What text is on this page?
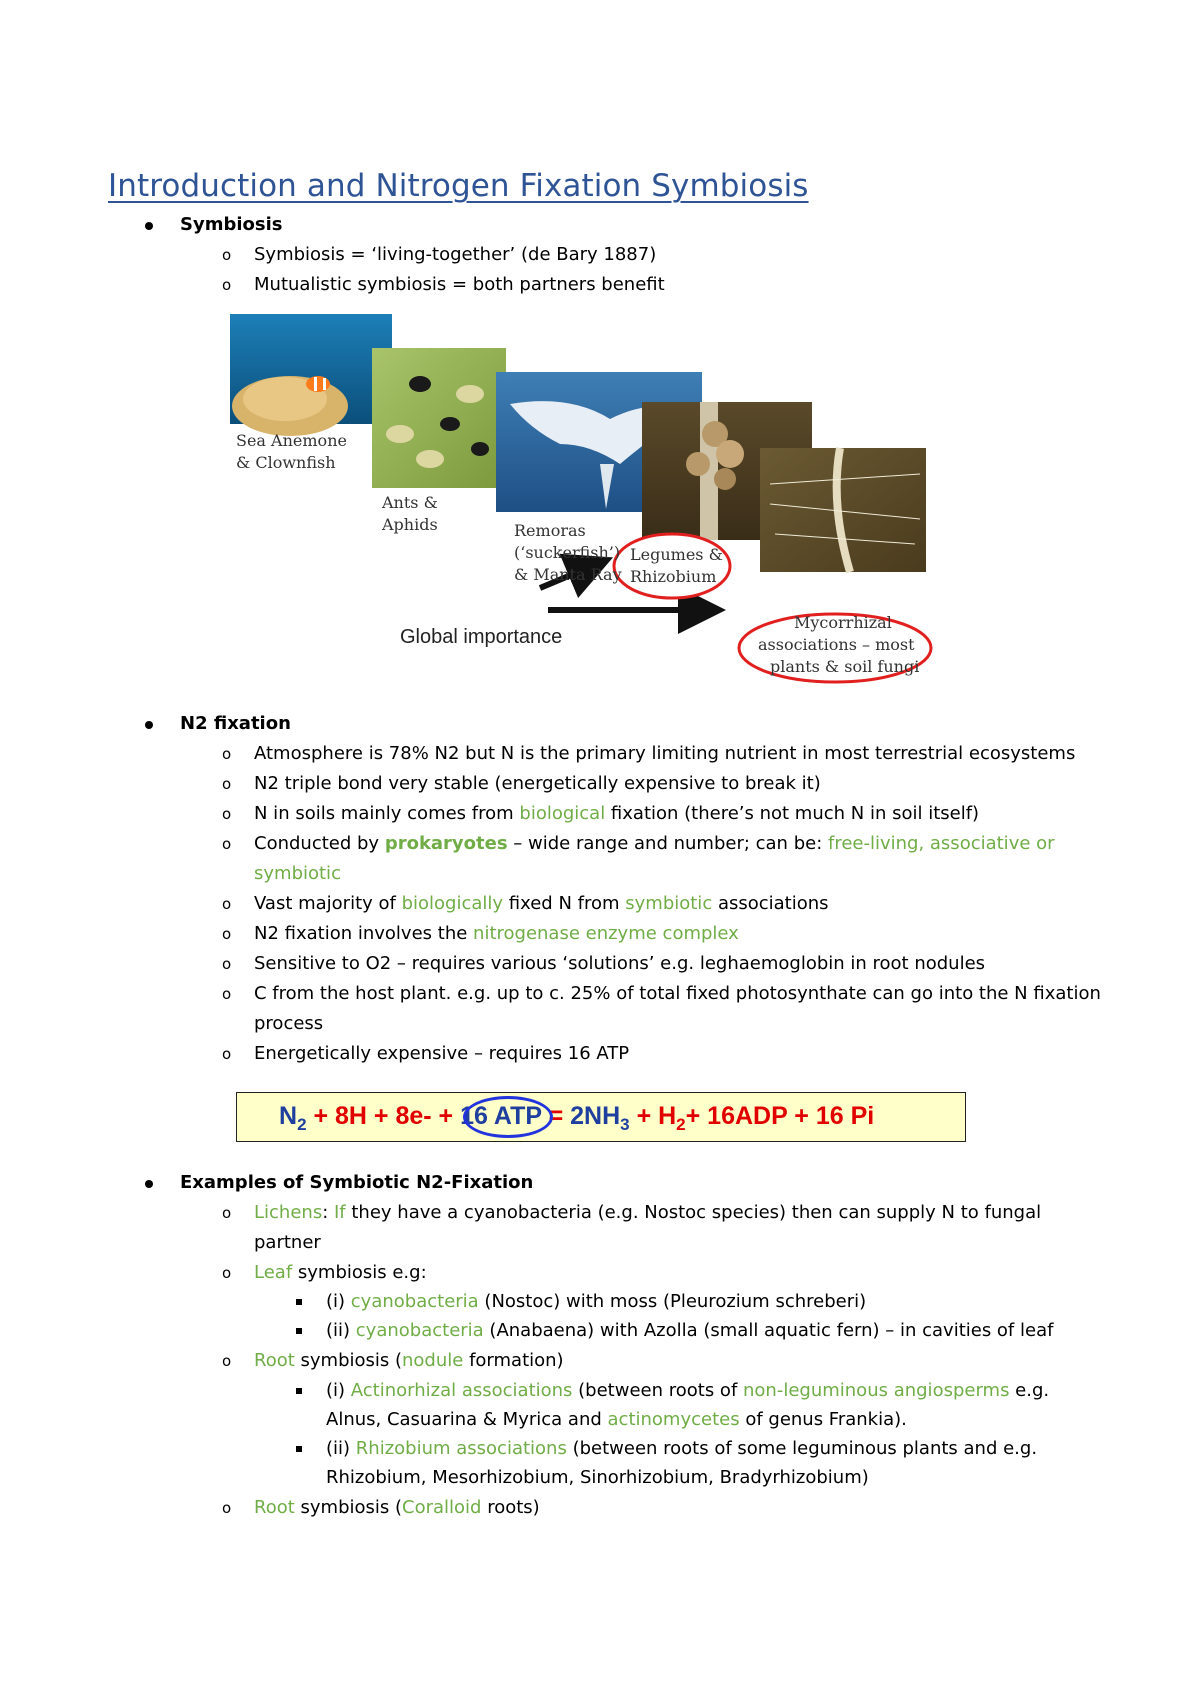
Introduction and Nitrogen Fixation Symbiosis
Symbiosis
o Symbiosis = ‘living-together’ (de Bary 1887)
o Mutualistic symbiosis = both partners benefit
Sea Anemone
& Clownfish
Ants &
Aphids	Remoras
(‘suckerfish’)
& Manta Ray
Legumes &
Rhizobium
Mycorrhizal
associations – most
plants & soil fungi
Global importance
N2 fixation
o Atmosphere is 78% N2 but N is the primary limiting nutrient in most terrestrial ecosystems
o N2 triple bond very stable (energetically expensive to break it)
o N in soils mainly comes from biological fixation (there’s not much N in soil itself)
o Conducted by prokaryotes – wide range and number; can be: free-living, associative or
symbiotic
o Vast majority of biologically fixed N from symbiotic associations
o N2 fixation involves the nitrogenase enzyme complex
o Sensitive to O2 – requires various ‘solutions’ e.g. leghaemoglobin in root nodules
o C from the host plant. e.g. up to c. 25% of total fixed photosynthate can go into the N fixation
process
o Energetically expensive – requires 16 ATP
$N_2 + 8H + 8e- + 16$ ATP = $2NH_3 + H_2+ 16ADP + 16$ Pi
Examples of Symbiotic N2-Fixation
o Lichens: If they have a cyanobacteria (e.g. Nostoc species) then can supply N to fungal
partner
o Leaf symbiosis e.g:
(i) cyanobacteria (Nostoc) with moss (Pleurozium schreberi)
(ii) cyanobacteria (Anabaena) with Azolla (small aquatic fern) – in cavities of leaf
o Root symbiosis (nodule formation)
(i) Actinorhizal associations (between roots of non-leguminous angiosperms e.g.
Alnus, Casuarina & Myrica and actinomycetes of genus Frankia).
(ii) Rhizobium associations (between roots of some leguminous plants and e.g.
Rhizobium, Mesorhizobium, Sinorhizobium, Bradyrhizobium)
o Root symbiosis (Coralloid roots)
